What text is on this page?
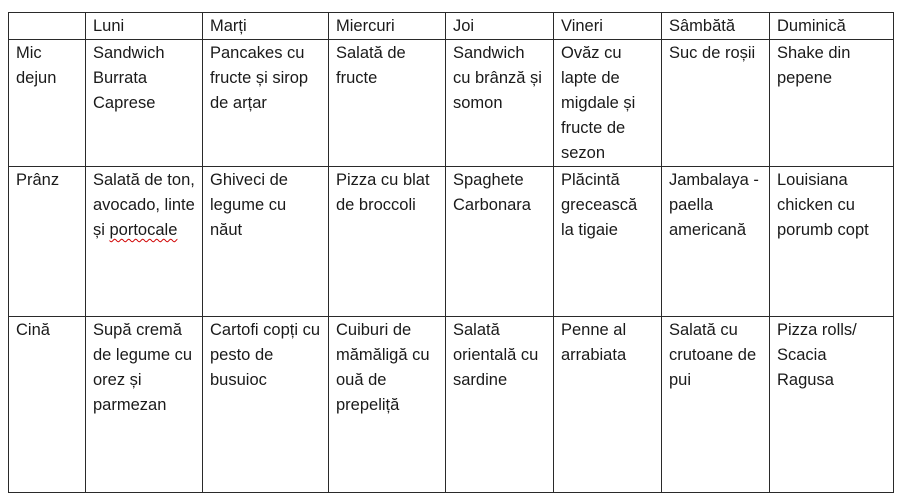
	Luni	Marți	Miercuri	Joi	Vineri	Sâmbătă	Duminică
Mic dejun	Sandwich Burrata Caprese	Pancakes cu fructe și sirop de arțar	Salată de fructe	Sandwich cu brânză și somon	Ovăz cu lapte de migdale și fructe de sezon	Suc de roșii	Shake din pepene
Prânz	Salată de ton, avocado, linte și portocale	Ghiveci de legume cu năut	Pizza cu blat de broccoli	Spaghete Carbonara	Plăcintă grecească la tigaie	Jambalaya - paella americană	Louisiana chicken cu porumb copt
Cină	Supă cremă de legume cu orez și parmezan	Cartofi copți cu pesto de busuioc	Cuiburi de mămăligă cu ouă de prepeliță	Salată orientală cu sardine	Penne al arrabiata	Salată cu crutoane de pui	Pizza rolls/ Scacia Ragusa
